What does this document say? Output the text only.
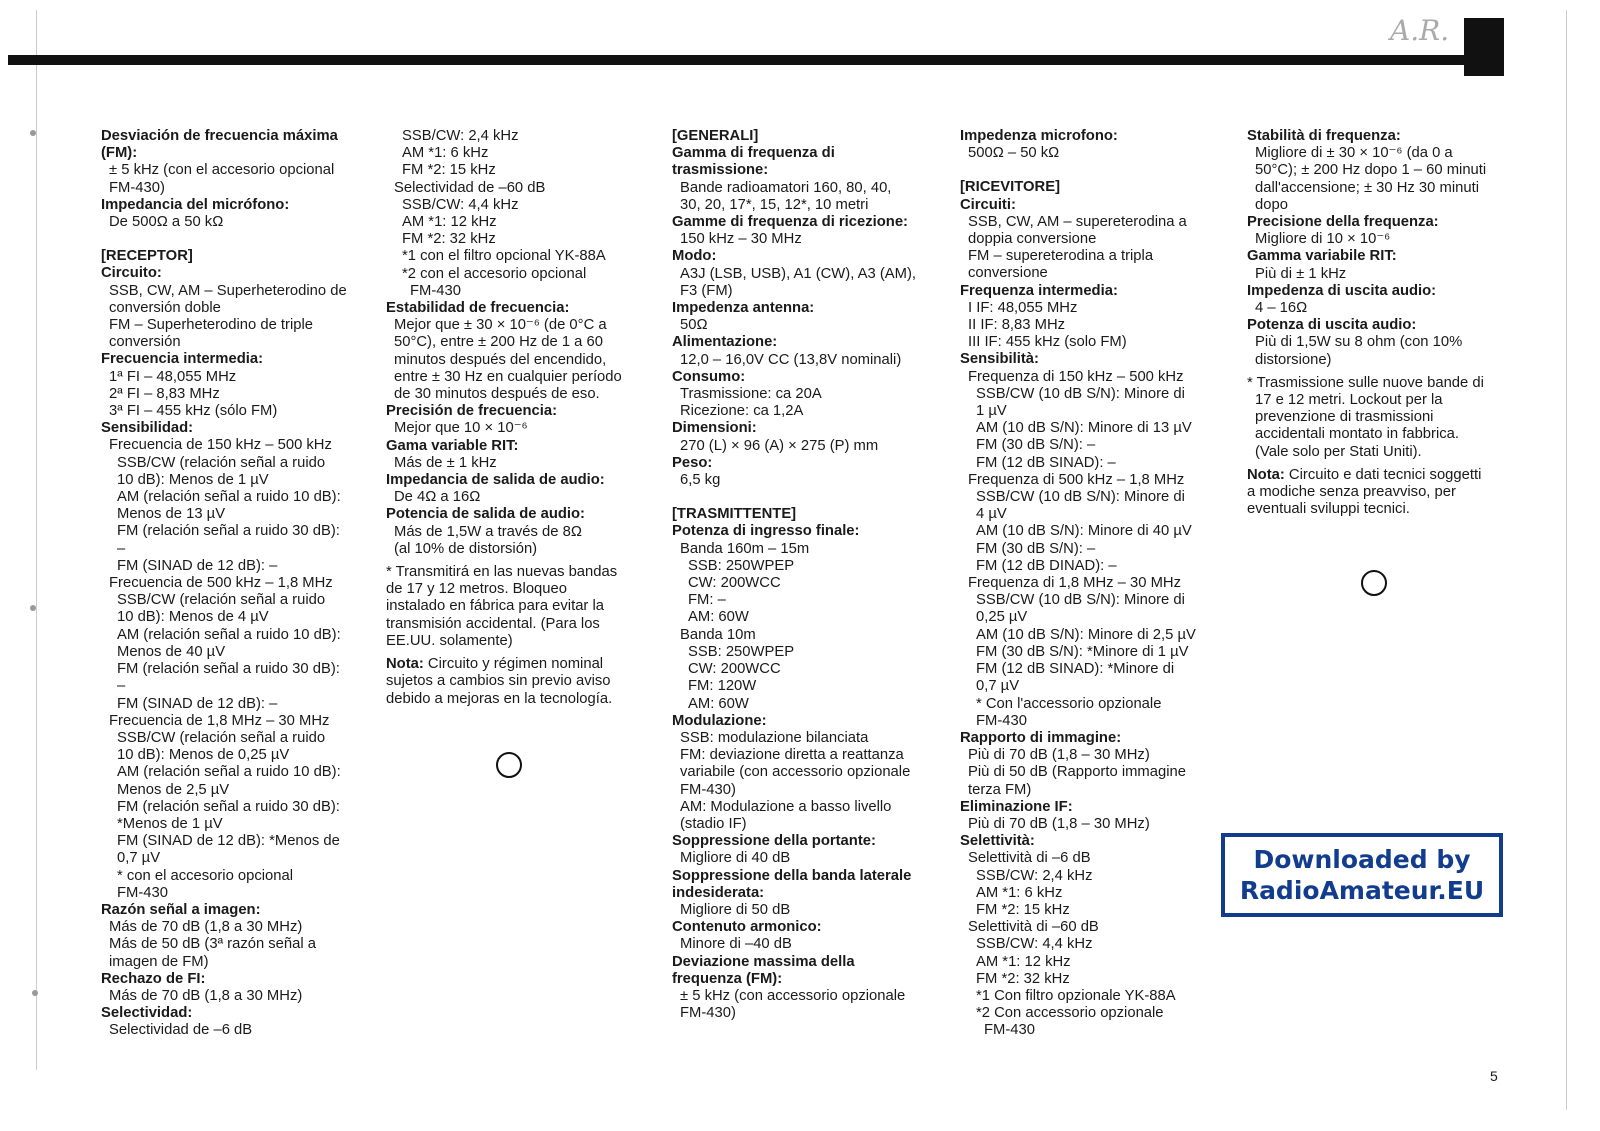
A.R.

Desviación de frecuencia máxima

(FM):

± 5 kHz (con el accesorio opcional

FM-430)

Impedancia del micrófono:

De 500Ω a 50 kΩ

[RECEPTOR]

Circuito:

SSB, CW, AM – Superheterodino de

conversión doble

FM – Superheterodino de triple

conversión

Frecuencia intermedia:

1ª FI – 48,055 MHz

2ª FI – 8,83 MHz

3ª FI – 455 kHz (sólo FM)

Sensibilidad:

Frecuencia de 150 kHz – 500 kHz

SSB/CW (relación señal a ruido

10 dB): Menos de 1 µV

AM (relación señal a ruido 10 dB):

Menos de 13 µV

FM (relación señal a ruido 30 dB):

–

FM (SINAD de 12 dB): –

Frecuencia de 500 kHz – 1,8 MHz

SSB/CW (relación señal a ruido

10 dB): Menos de 4 µV

AM (relación señal a ruido 10 dB):

Menos de 40 µV

FM (relación señal a ruido 30 dB):

–

FM (SINAD de 12 dB): –

Frecuencia de 1,8 MHz – 30 MHz

SSB/CW (relación señal a ruido

10 dB): Menos de 0,25 µV

AM (relación señal a ruido 10 dB):

Menos de 2,5 µV

FM (relación señal a ruido 30 dB):

*Menos de 1 µV

FM (SINAD de 12 dB): *Menos de

0,7 µV

* con el accesorio opcional

FM-430

Razón señal a imagen:

Más de 70 dB (1,8 a 30 MHz)

Más de 50 dB (3ª razón señal a

imagen de FM)

Rechazo de FI:

Más de 70 dB (1,8 a 30 MHz)

Selectividad:

Selectividad de –6 dB

SSB/CW: 2,4 kHz

AM *1: 6 kHz

FM *2: 15 kHz

Selectividad de –60 dB

SSB/CW: 4,4 kHz

AM *1: 12 kHz

FM *2: 32 kHz

*1 con el filtro opcional YK-88A

*2 con el accesorio opcional

FM-430

Estabilidad de frecuencia:

Mejor que ± 30 × 10⁻⁶ (de 0°C a

50°C), entre ± 200 Hz de 1 a 60

minutos después del encendido,

entre ± 30 Hz en cualquier período

de 30 minutos después de eso.

Precisión de frecuencia:

Mejor que 10 × 10⁻⁶

Gama variable RIT:

Más de ± 1 kHz

Impedancia de salida de audio:

De 4Ω a 16Ω

Potencia de salida de audio:

Más de 1,5W a través de 8Ω

(al 10% de distorsión)

* Transmitirá en las nuevas bandas

de 17 y 12 metros. Bloqueo

instalado en fábrica para evitar la

transmisión accidental. (Para los

EE.UU. solamente)

Nota: Circuito y régimen nominal

sujetos a cambios sin previo aviso

debido a mejoras en la tecnología.

[GENERALI]

Gamma di frequenza di

trasmissione:

Bande radioamatori 160, 80, 40,

30, 20, 17*, 15, 12*, 10 metri

Gamme di frequenza di ricezione:

150 kHz – 30 MHz

Modo:

A3J (LSB, USB), A1 (CW), A3 (AM),

F3 (FM)

Impedenza antenna:

50Ω

Alimentazione:

12,0 – 16,0V CC (13,8V nominali)

Consumo:

Trasmissione: ca 20A

Ricezione: ca 1,2A

Dimensioni:

270 (L) × 96 (A) × 275 (P) mm

Peso:

6,5 kg

[TRASMITTENTE]

Potenza di ingresso finale:

Banda 160m – 15m

SSB: 250WPEP

CW: 200WCC

FM: –

AM: 60W

Banda 10m

SSB: 250WPEP

CW: 200WCC

FM: 120W

AM: 60W

Modulazione:

SSB: modulazione bilanciata

FM: deviazione diretta a reattanza

variabile (con accessorio opzionale

FM-430)

AM: Modulazione a basso livello

(stadio IF)

Soppressione della portante:

Migliore di 40 dB

Soppressione della banda laterale

indesiderata:

Migliore di 50 dB

Contenuto armonico:

Minore di –40 dB

Deviazione massima della

frequenza (FM):

± 5 kHz (con accessorio opzionale

FM-430)

Impedenza microfono:

500Ω – 50 kΩ

[RICEVITORE]

Circuiti:

SSB, CW, AM – supereterodina a

doppia conversione

FM – supereterodina a tripla

conversione

Frequenza intermedia:

I IF: 48,055 MHz

II IF: 8,83 MHz

III IF: 455 kHz (solo FM)

Sensibilità:

Frequenza di 150 kHz – 500 kHz

SSB/CW (10 dB S/N): Minore di

1 µV

AM (10 dB S/N): Minore di 13 µV

FM (30 dB S/N): –

FM (12 dB SINAD): –

Frequenza di 500 kHz – 1,8 MHz

SSB/CW (10 dB S/N): Minore di

4 µV

AM (10 dB S/N): Minore di 40 µV

FM (30 dB S/N): –

FM (12 dB DINAD): –

Frequenza di 1,8 MHz – 30 MHz

SSB/CW (10 dB S/N): Minore di

0,25 µV

AM (10 dB S/N): Minore di 2,5 µV

FM (30 dB S/N): *Minore di 1 µV

FM (12 dB SINAD): *Minore di

0,7 µV

* Con l'accessorio opzionale

FM-430

Rapporto di immagine:

Più di 70 dB (1,8 – 30 MHz)

Più di 50 dB (Rapporto immagine

terza FM)

Eliminazione IF:

Più di 70 dB (1,8 – 30 MHz)

Selettività:

Selettività di –6 dB

SSB/CW: 2,4 kHz

AM *1: 6 kHz

FM *2: 15 kHz

Selettività di –60 dB

SSB/CW: 4,4 kHz

AM *1: 12 kHz

FM *2: 32 kHz

*1 Con filtro opzionale YK-88A

*2 Con accessorio opzionale

FM-430

Stabilità di frequenza:

Migliore di ± 30 × 10⁻⁶ (da 0 a

50°C); ± 200 Hz dopo 1 – 60 minuti

dall'accensione; ± 30 Hz 30 minuti

dopo

Precisione della frequenza:

Migliore di 10 × 10⁻⁶

Gamma variabile RIT:

Più di ± 1 kHz

Impedenza di uscita audio:

4 – 16Ω

Potenza di uscita audio:

Più di 1,5W su 8 ohm (con 10%

distorsione)

* Trasmissione sulle nuove bande di

17 e 12 metri. Lockout per la

prevenzione di trasmissioni

accidentali montato in fabbrica.

(Vale solo per Stati Uniti).

Nota: Circuito e dati tecnici soggetti

a modiche senza preavviso, per

eventuali sviluppi tecnici.

Downloaded by
RadioAmateur.EU
5
